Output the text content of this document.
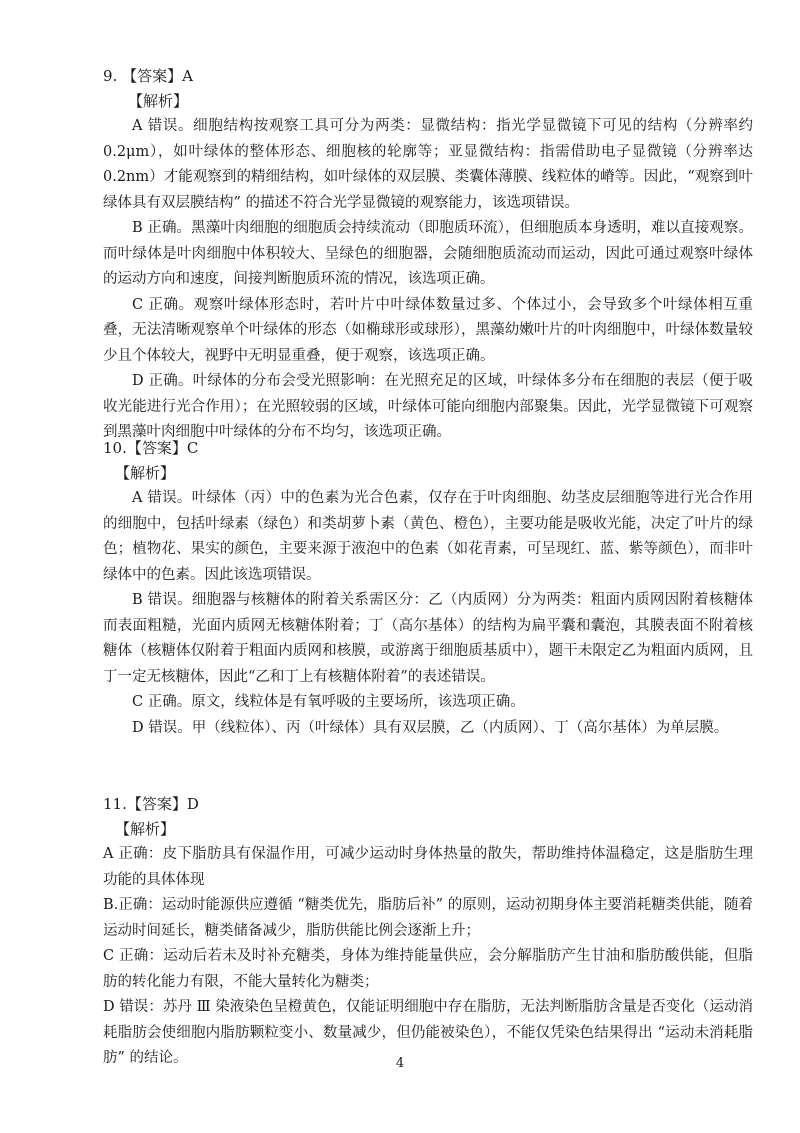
9. 【答案】A
【解析】

A 错误。细胞结构按观察工具可分为两类：显微结构：指光学显微镜下可见的结构（分辨率约 0.2μm），如叶绿体的整体形态、细胞核的轮廓等；亚显微结构：指需借助电子显微镜（分辨率达 0.2nm）才能观察到的精细结构，如叶绿体的双层膜、类囊体薄膜、线粒体的嵴等。因此，“观察到叶绿体具有双层膜结构” 的描述不符合光学显微镜的观察能力，该选项错误。

B 正确。黑藻叶肉细胞的细胞质会持续流动（即胞质环流），但细胞质本身透明，难以直接观察。而叶绿体是叶肉细胞中体积较大、呈绿色的细胞器，会随细胞质流动而运动，因此可通过观察叶绿体的运动方向和速度，间接判断胞质环流的情况，该选项正确。

C 正确。观察叶绿体形态时，若叶片中叶绿体数量过多、个体过小，会导致多个叶绿体相互重叠，无法清晰观察单个叶绿体的形态（如椭球形或球形），黑藻幼嫩叶片的叶肉细胞中，叶绿体数量较少且个体较大，视野中无明显重叠，便于观察，该选项正确。

D 正确。叶绿体的分布会受光照影响：在光照充足的区域，叶绿体多分布在细胞的表层（便于吸收光能进行光合作用）；在光照较弱的区域，叶绿体可能向细胞内部聚集。因此，光学显微镜下可观察到黑藻叶肉细胞中叶绿体的分布不均匀，该选项正确。

10.【答案】C
【解析】

A 错误。叶绿体（丙）中的色素为光合色素，仅存在于叶肉细胞、幼茎皮层细胞等进行光合作用的细胞中，包括叶绿素（绿色）和类胡萝卜素（黄色、橙色），主要功能是吸收光能，决定了叶片的绿色；植物花、果实的颜色，主要来源于液泡中的色素（如花青素，可呈现红、蓝、紫等颜色），而非叶绿体中的色素。因此该选项错误。

B 错误。细胞器与核糖体的附着关系需区分：乙（内质网）分为两类：粗面内质网因附着核糖体而表面粗糙，光面内质网无核糖体附着；丁（高尔基体）的结构为扁平囊和囊泡，其膜表面不附着核糖体（核糖体仅附着于粗面内质网和核膜，或游离于细胞质基质中），题干未限定乙为粗面内质网，且丁一定无核糖体，因此“乙和丁上有核糖体附着”的表述错误。

C 正确。原文，线粒体是有氧呼吸的主要场所，该选项正确。

D 错误。甲（线粒体）、丙（叶绿体）具有双层膜，乙（内质网）、丁（高尔基体）为单层膜。

11.【答案】D
【解析】

A 正确：皮下脂肪具有保温作用，可减少运动时身体热量的散失，帮助维持体温稳定，这是脂肪生理功能的具体体现

B.正确：运动时能源供应遵循 “糖类优先，脂肪后补” 的原则，运动初期身体主要消耗糖类供能，随着运动时间延长，糖类储备减少，脂肪供能比例会逐渐上升；

C 正确：运动后若未及时补充糖类，身体为维持能量供应，会分解脂肪产生甘油和脂肪酸供能，但脂肪的转化能力有限，不能大量转化为糖类；

D 错误：苏丹 Ⅲ 染液染色呈橙黄色，仅能证明细胞中存在脂肪，无法判断脂肪含量是否变化（运动消耗脂肪会使细胞内脂肪颗粒变小、数量减少，但仍能被染色），不能仅凭染色结果得出 “运动未消耗脂肪” 的结论。	4
